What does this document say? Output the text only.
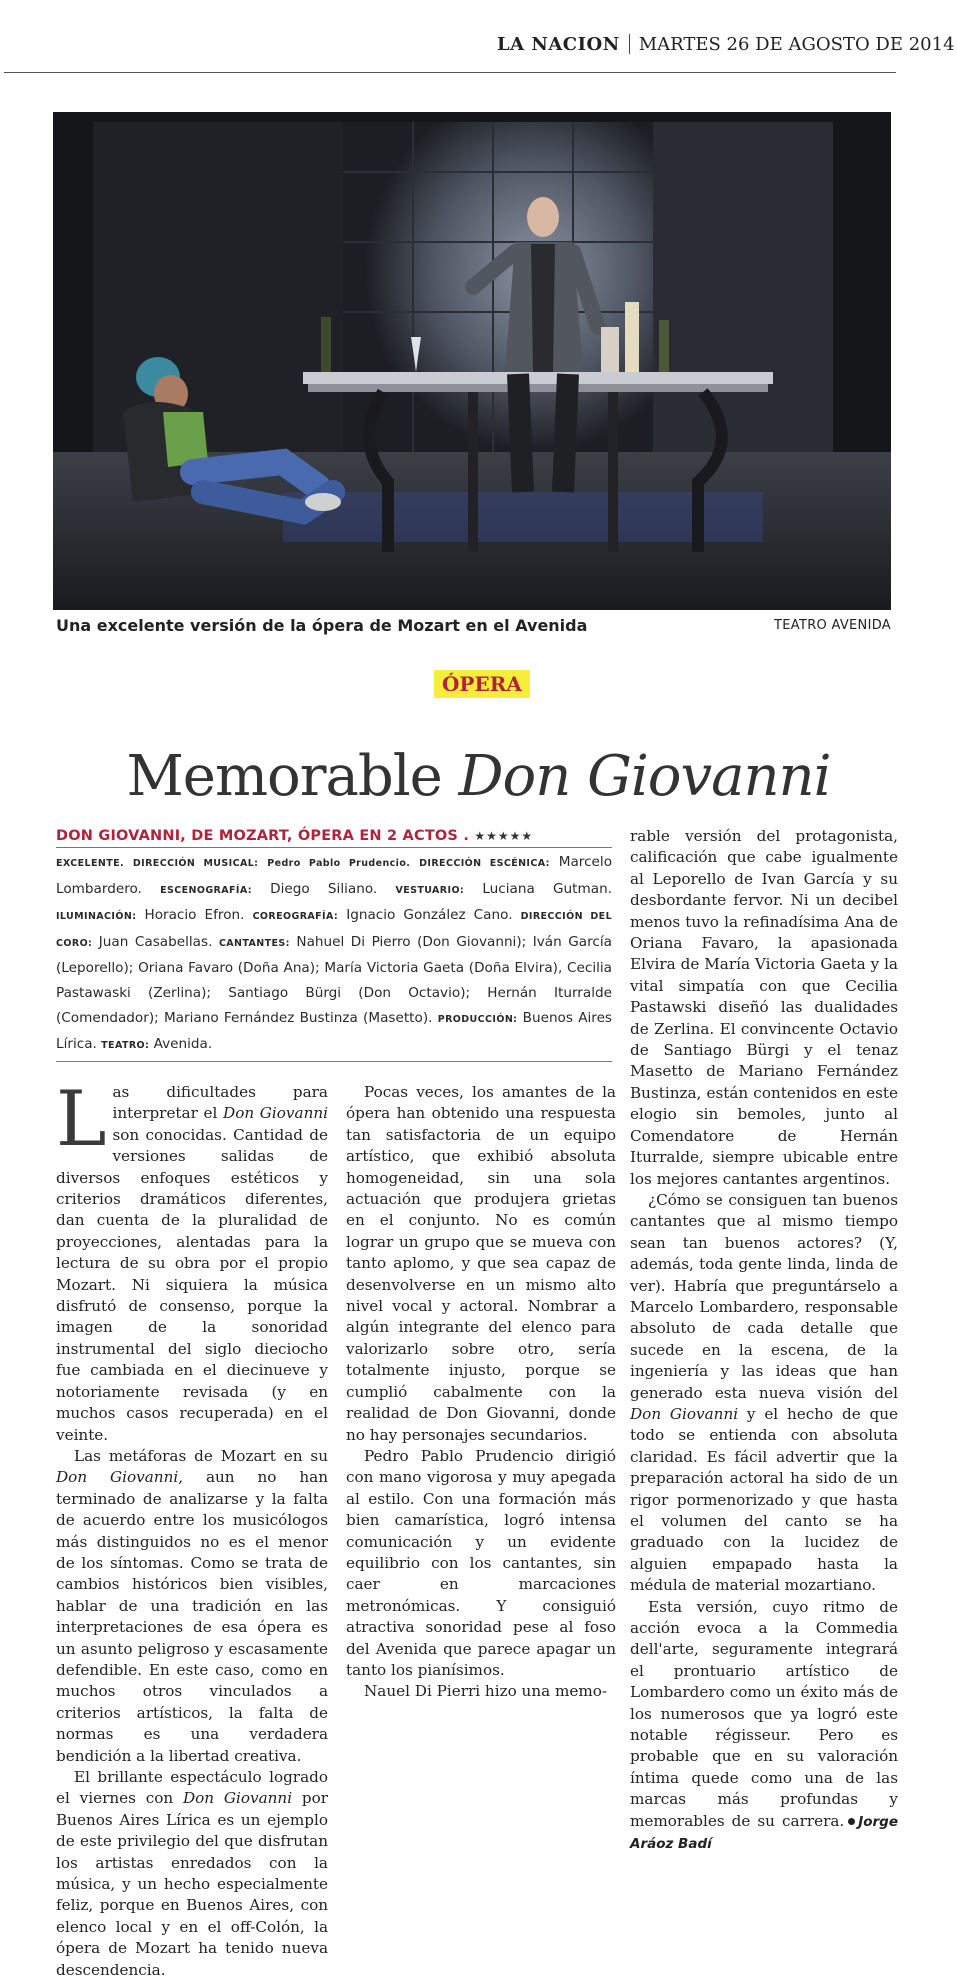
LA NACION MARTES 26 DE AGOSTO DE 2014
Una excelente versión de la ópera de Mozart en el Avenida	TEATRO AVENIDA
ÓPERA
Memorable Don Giovanni
DON GIOVANNI, DE MOZART, ÓPERA EN 2 ACTOS . ★★★★★
EXCELENTE. DIRECCIÓN MUSICAL: Pedro Pablo Prudencio. DIRECCIÓN ESCÉNICA: Marcelo Lombardero. ESCENOGRAFÍA: Diego Siliano. VESTUARIO: Luciana Gutman. ILUMINACIÓN: Horacio Efron. COREOGRAFÍA: Ignacio González Cano. DIRECCIÓN DEL CORO: Juan Casabellas. CANTANTES: Nahuel Di Pierro (Don Giovanni); Iván García (Leporello); Oriana Favaro (Doña Ana); María Victoria Gaeta (Doña Elvira), Cecilia Pastawaski (Zerlina); Santiago Bürgi (Don Octavio); Hernán Iturralde (Comendador); Mariano Fernández Bustinza (Masetto). PRODUCCIÓN: Buenos Aires Lírica. TEATRO: Avenida.

Las dificultades para interpretar el Don Giovanni son conocidas. Cantidad de versiones salidas de diversos enfoques estéticos y criterios dramáticos diferentes, dan cuenta de la pluralidad de proyecciones, alentadas para la lectura de su obra por el propio Mozart. Ni siquiera la música disfrutó de consenso, porque la imagen de la sonoridad instrumental del siglo dieciocho fue cambiada en el diecinueve y notoriamente revisada (y en muchos casos recuperada) en el veinte.

Las metáforas de Mozart en su Don Giovanni, aun no han terminado de analizarse y la falta de acuerdo entre los musicólogos más distinguidos no es el menor de los síntomas. Como se trata de cambios históricos bien visibles, hablar de una tradición en las interpretaciones de esa ópera es un asunto peligroso y escasamente defendible. En este caso, como en muchos otros vinculados a criterios artísticos, la falta de normas es una verdadera bendición a la libertad creativa.

El brillante espectáculo logrado el viernes con Don Giovanni por Buenos Aires Lírica es un ejemplo de este privilegio del que disfrutan los artistas enredados con la música, y un hecho especialmente feliz, porque en Buenos Aires, con elenco local y en el off-Colón, la ópera de Mozart ha tenido nueva descendencia.

Pocas veces, los amantes de la ópera han obtenido una respuesta tan satisfactoria de un equipo artístico, que exhibió absoluta homogeneidad, sin una sola actuación que produjera grietas en el conjunto. No es común lograr un grupo que se mueva con tanto aplomo, y que sea capaz de desenvolverse en un mismo alto nivel vocal y actoral. Nombrar a algún integrante del elenco para valorizarlo sobre otro, sería totalmente injusto, porque se cumplió cabalmente con la realidad de Don Giovanni, donde no hay personajes secundarios.

Pedro Pablo Prudencio dirigió con mano vigorosa y muy apegada al estilo. Con una formación más bien camarística, logró intensa comunicación y un evidente equilibrio con los cantantes, sin caer en marcaciones metronómicas. Y consiguió atractiva sonoridad pese al foso del Avenida que parece apagar un tanto los pianísimos.

Nauel Di Pierri hizo una memo-

rable versión del protagonista, calificación que cabe igualmente al Leporello de Ivan García y su desbordante fervor. Ni un decibel menos tuvo la refinadísima Ana de Oriana Favaro, la apasionada Elvira de María Victoria Gaeta y la vital simpatía con que Cecilia Pastawski diseñó las dualidades de Zerlina. El convincente Octavio de Santiago Bürgi y el tenaz Masetto de Mariano Fernández Bustinza, están contenidos en este elogio sin bemoles, junto al Comendatore de Hernán Iturralde, siempre ubicable entre los mejores cantantes argentinos.

¿Cómo se consiguen tan buenos cantantes que al mismo tiempo sean tan buenos actores? (Y, además, toda gente linda, linda de ver). Habría que preguntárselo a Marcelo Lombardero, responsable absoluto de cada detalle que sucede en la escena, de la ingeniería y las ideas que han generado esta nueva visión del Don Giovanni y el hecho de que todo se entienda con absoluta claridad. Es fácil advertir que la preparación actoral ha sido de un rigor pormenorizado y que hasta el volumen del canto se ha graduado con la lucidez de alguien empapado hasta la médula de material mozartiano.

Esta versión, cuyo ritmo de acción evoca a la Commedia dell'arte, seguramente integrará el prontuario artístico de Lombardero como un éxito más de los numerosos que ya logró este notable régisseur. Pero es probable que en su valoración íntima quede como una de las marcas más profundas y memorables de su carrera. Jorge Aráoz Badí
